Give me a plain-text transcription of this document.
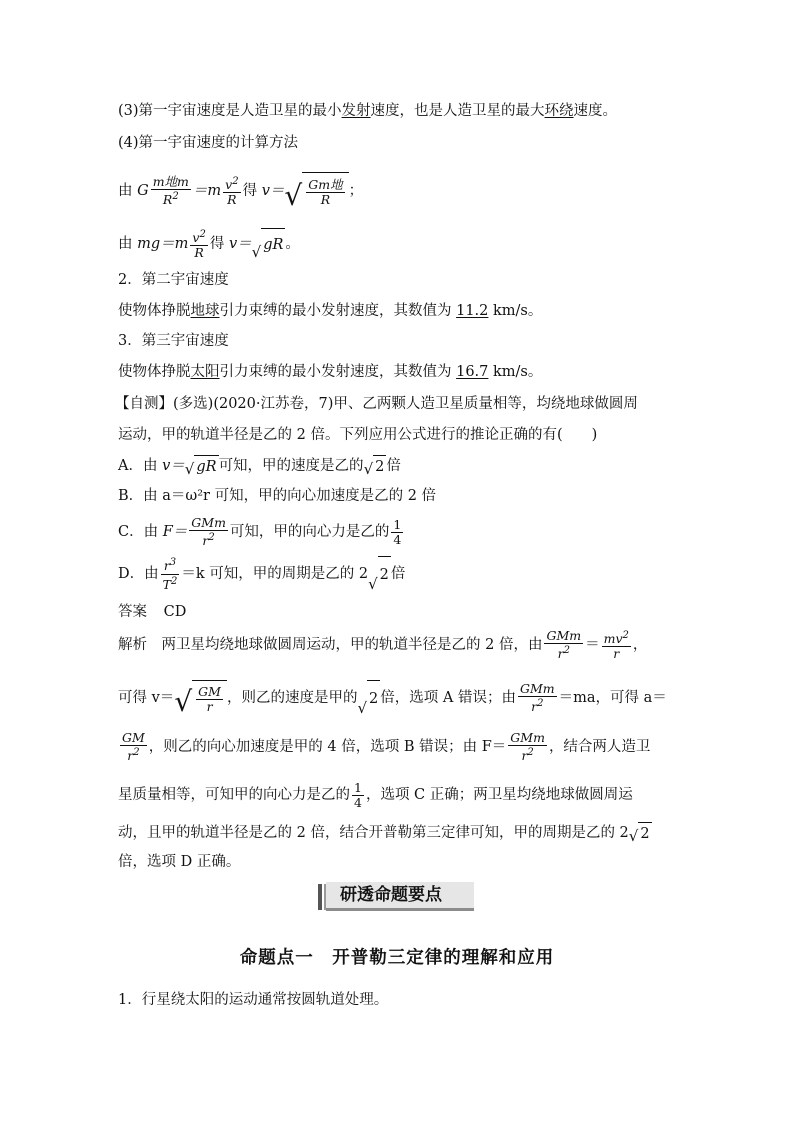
(3)第一宇宙速度是人造卫星的最小发射速度，也是人造卫星的最大环绕速度。
(4)第一宇宙速度的计算方法
由 G $\frac{\text{m地m}}{R^2} =m \frac{v^2}{R}$ 得 v＝ √ $\frac{\text{Gm地}}{R}$ ；
由 $mg=m \frac{v^2}{R}$ 得 v＝ √ gR 。
2．第二宇宙速度
使物体挣脱地球引力束缚的最小发射速度，其数值为 11.2 km/s。
3．第三宇宙速度
使物体挣脱太阳引力束缚的最小发射速度，其数值为 16.7 km/s。
【自测】(多选)(2020·江苏卷，7)甲、乙两颗人造卫星质量相等，均绕地球做圆周
运动，甲的轨道半径是乙的 2 倍。下列应用公式进行的推论正确的有(　　)
A．由 v＝ √ gR 可知，甲的速度是乙的 √ 2 倍
B．由 a＝ω²r 可知，甲的向心加速度是乙的 2 倍
C．由 $F= \frac{\text{GMm}}{r^2}$ 可知，甲的向心力是乙的 $\frac{1}{4}$
D．由 $\frac{r^3}{T^2} =k$ 可知，甲的周期是乙的 2
√ 2 倍
答案 CD
解析　两卫星均绕地球做圆周运动，甲的轨道半径是乙的 2 倍，由 $\frac{\text{GMm}}{r^2} = \frac{mv^2}{r}$ ，
可得 v＝ √ $\frac{GM}{r}$ ，则乙的速度是甲的
√ 2 倍，选项 A 错误；由 $\frac{\text{GMm}}{r^2} =ma$，可得 a＝
$\frac{GM}{r^2}$ ，则乙的向心加速度是甲的 4 倍，选项 B 错误；由 $F= \frac{\text{GMm}}{r^2}$ ，结合两人造卫
星质量相等，可知甲的向心力是乙的 $\frac{1}{4}$ ，选项 C 正确；两卫星均绕地球做圆周运
动，且甲的轨道半径是乙的 2 倍，结合开普勒第三定律可知，甲的周期是乙的 2 √ 2
倍，选项 D 正确。
研透命题要点
命题点一　开普勒三定律的理解和应用
1．行星绕太阳的运动通常按圆轨道处理。
